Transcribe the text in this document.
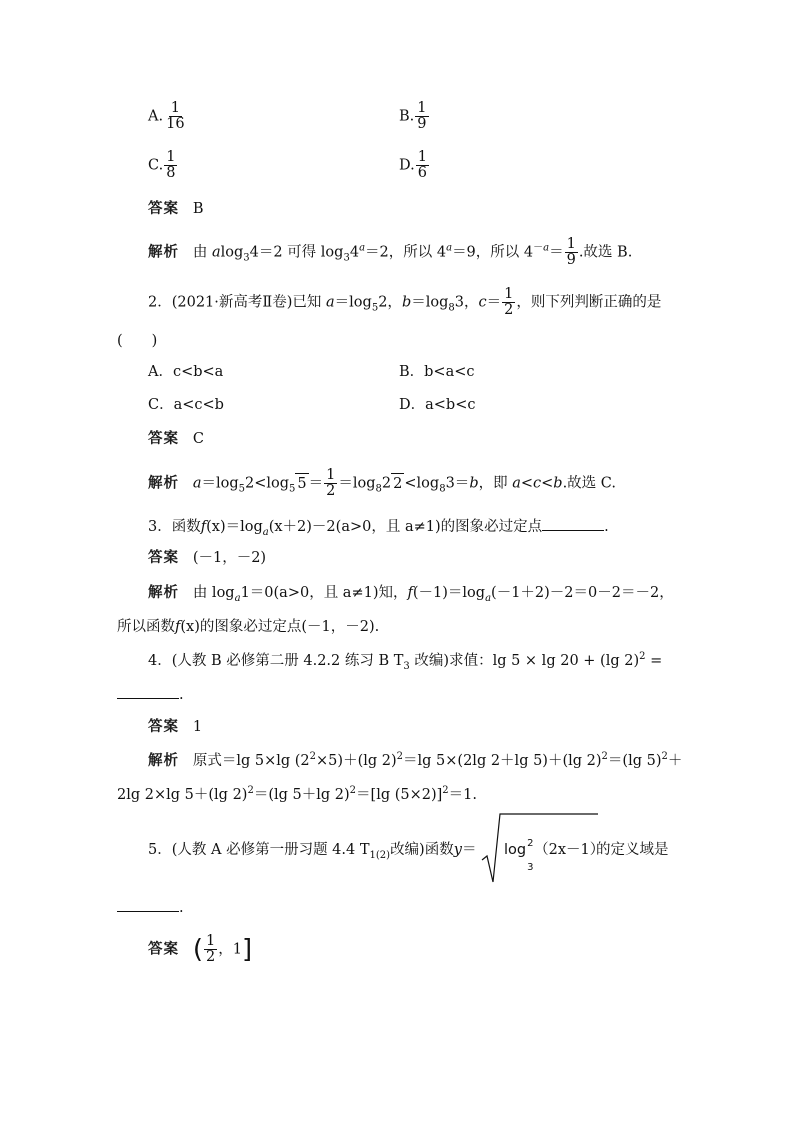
A. $\frac{1}{16}$	B. $\frac{1}{9}$
C. $\frac{1}{8}$	D. $\frac{1}{6}$
答案 B
解析 由 alog$_3$4＝2 可得 $\log_34^a=2$，所以 $4^a=9$，所以 $4^{-a}= \frac{1}{9}$ .故选 B.
2．(2021·新高考Ⅱ卷)已知 $a=\log_52$，$b=\log_83$，$c= \frac{1}{2}$ ，则下列判断正确的是
(　　)
A．c<b<a	B．b<a<c
C．a<c<b	D．a<b<c
答案 C
解析 $a=\log_52<\log_5$ $5 = \frac{1}{2} =\log_82$ $2 <\log_83=b$，即 a<c<b.故选 C.
3．函数$f(x)=\log_a(x+2)-2(a>0$，且 a≠1)的图象必过定点	.
答案 (－1，－2)
解析 由 $\log_a1=0(a>0$，且 a≠1)知，$f(-1)=\log_a(-1+2)-2=0-2=-2$，
所以函数f(x)的图象必过定点(－1，－2).
4．(人教 B 必修第二册 4.2.2 练习 B $T_3$ 改编)求值：lg 5 × lg 20 + (lg 2)$^2$ =
.
答案 1
解析 原式＝lg 5×lg $(2^2\times 5)+(\lg$ 2)$^2$＝lg 5×(2lg 2＋lg 5)＋(lg 2)$^2$＝(lg 5)$^2$＋
2lg 2×lg 5＋(lg 2)$^2$＝(lg 5＋lg 2)$^2$＝[lg (5×2)]$^2$＝1.
5．(人教 A 必修第一册习题 4.4 $T_{1(2)}$改编)函数y＝ log 2
3
（2x－1）
的定义域是
.
答案 ( $\frac{1}{2}$ ，1]
